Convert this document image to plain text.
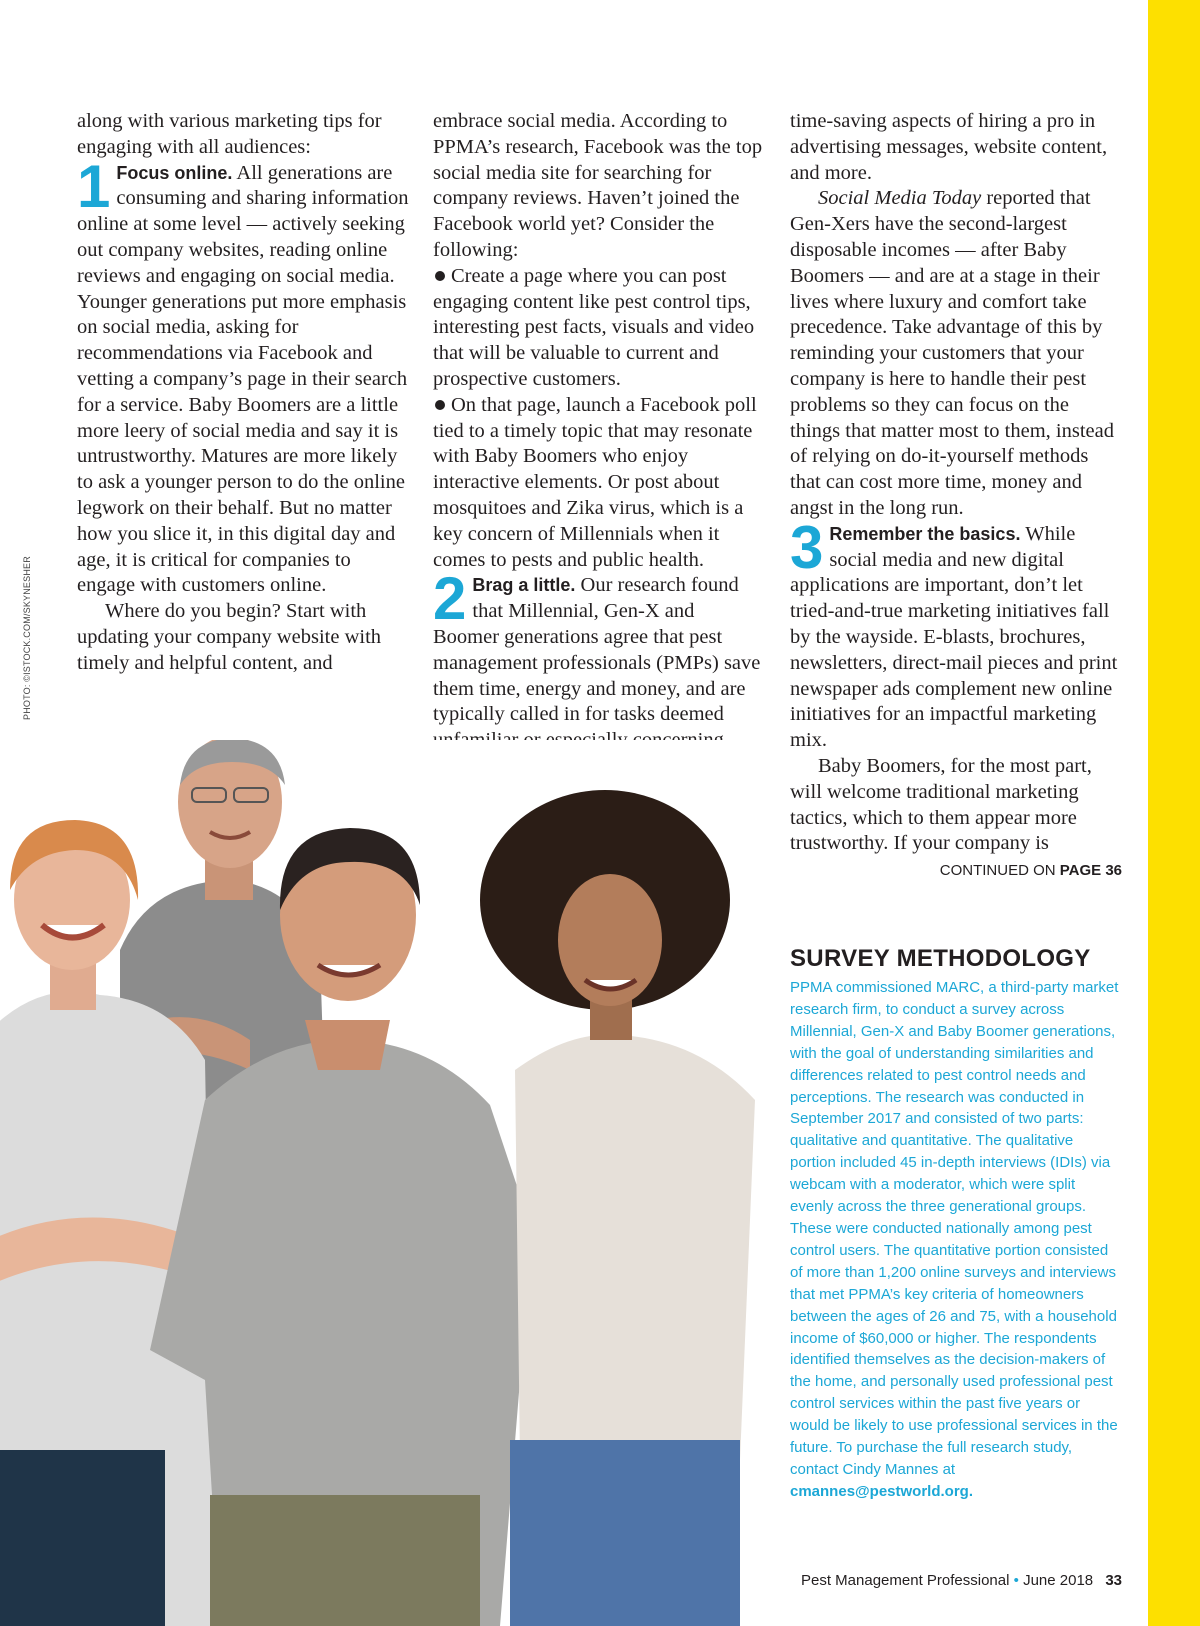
PHOTO: ©ISTOCK.COM/SKYNESHER

along with various marketing tips for engaging with all audiences:

1 Focus online. All generations are consuming and sharing information online at some level — actively seeking out company websites, reading online reviews and engaging on social media. Younger generations put more emphasis on social media, asking for recommendations via Facebook and vetting a company’s page in their search for a service. Baby Boomers are a little more leery of social media and say it is untrustworthy. Matures are more likely to ask a younger person to do the online legwork on their behalf. But no matter how you slice it, in this digital day and age, it is critical for companies to engage with customers online.

Where do you begin? Start with updating your company website with timely and helpful content, and

embrace social media. According to PPMA’s research, Facebook was the top social media site for searching for company reviews. Haven’t joined the Facebook world yet? Consider the following:

Create a page where you can post engaging content like pest control tips, interesting pest facts, visuals and video that will be valuable to current and prospective customers.

On that page, launch a Facebook poll tied to a timely topic that may resonate with Baby Boomers who enjoy interactive elements. Or post about mosquitoes and Zika virus, which is a key concern of Millennials when it comes to pests and public health.

2 Brag a little. Our research found that Millennial, Gen-X and Boomer generations agree that pest management professionals (PMPs) save them time, energy and money, and are typically called in for tasks deemed

time-saving aspects of hiring a pro in advertising messages, website content, and more.

Social Media Today reported that Gen-Xers have the second-largest disposable incomes — after Baby Boomers — and are at a stage in their lives where luxury and comfort take precedence. Take advantage of this by reminding your customers that your company is here to handle their pest problems so they can focus on the things that matter most to them, instead of relying on do-it-yourself methods that can cost more time, money and angst in the long run.

3 Remember the basics. While social media and new digital applications are important, don’t let tried-and-true marketing initiatives fall by the wayside. E-blasts, brochures, newsletters, direct-mail pieces and print newspaper ads complement new online initiatives for an impactful marketing mix.

Baby Boomers, for the most part, will welcome traditional marketing tactics, which to them appear more trustworthy. If your company is

CONTINUED ON PAGE 36
SURVEY METHODOLOGY

PPMA commissioned MARC, a third-party market research firm, to conduct a survey across Millennial, Gen-X and Baby Boomer generations, with the goal of understanding similarities and differences related to pest control needs and perceptions. The research was conducted in September 2017 and consisted of two parts: qualitative and quantitative. The qualitative portion included 45 in-depth interviews (IDIs) via webcam with a moderator, which were split evenly across the three generational groups. These were conducted nationally among pest control users. The quantitative portion consisted of more than 1,200 online surveys and interviews that met PPMA’s key criteria of homeowners between the ages of 26 and 75, with a household income of $60,000 or higher. The respondents identified themselves as the decision-makers of the home, and personally used professional pest control services within the past five years or would be likely to use professional services in the future. To purchase the full research study, contact Cindy Mannes at cmannes@pestworld.org.

Pest Management Professional • June 2018 33
